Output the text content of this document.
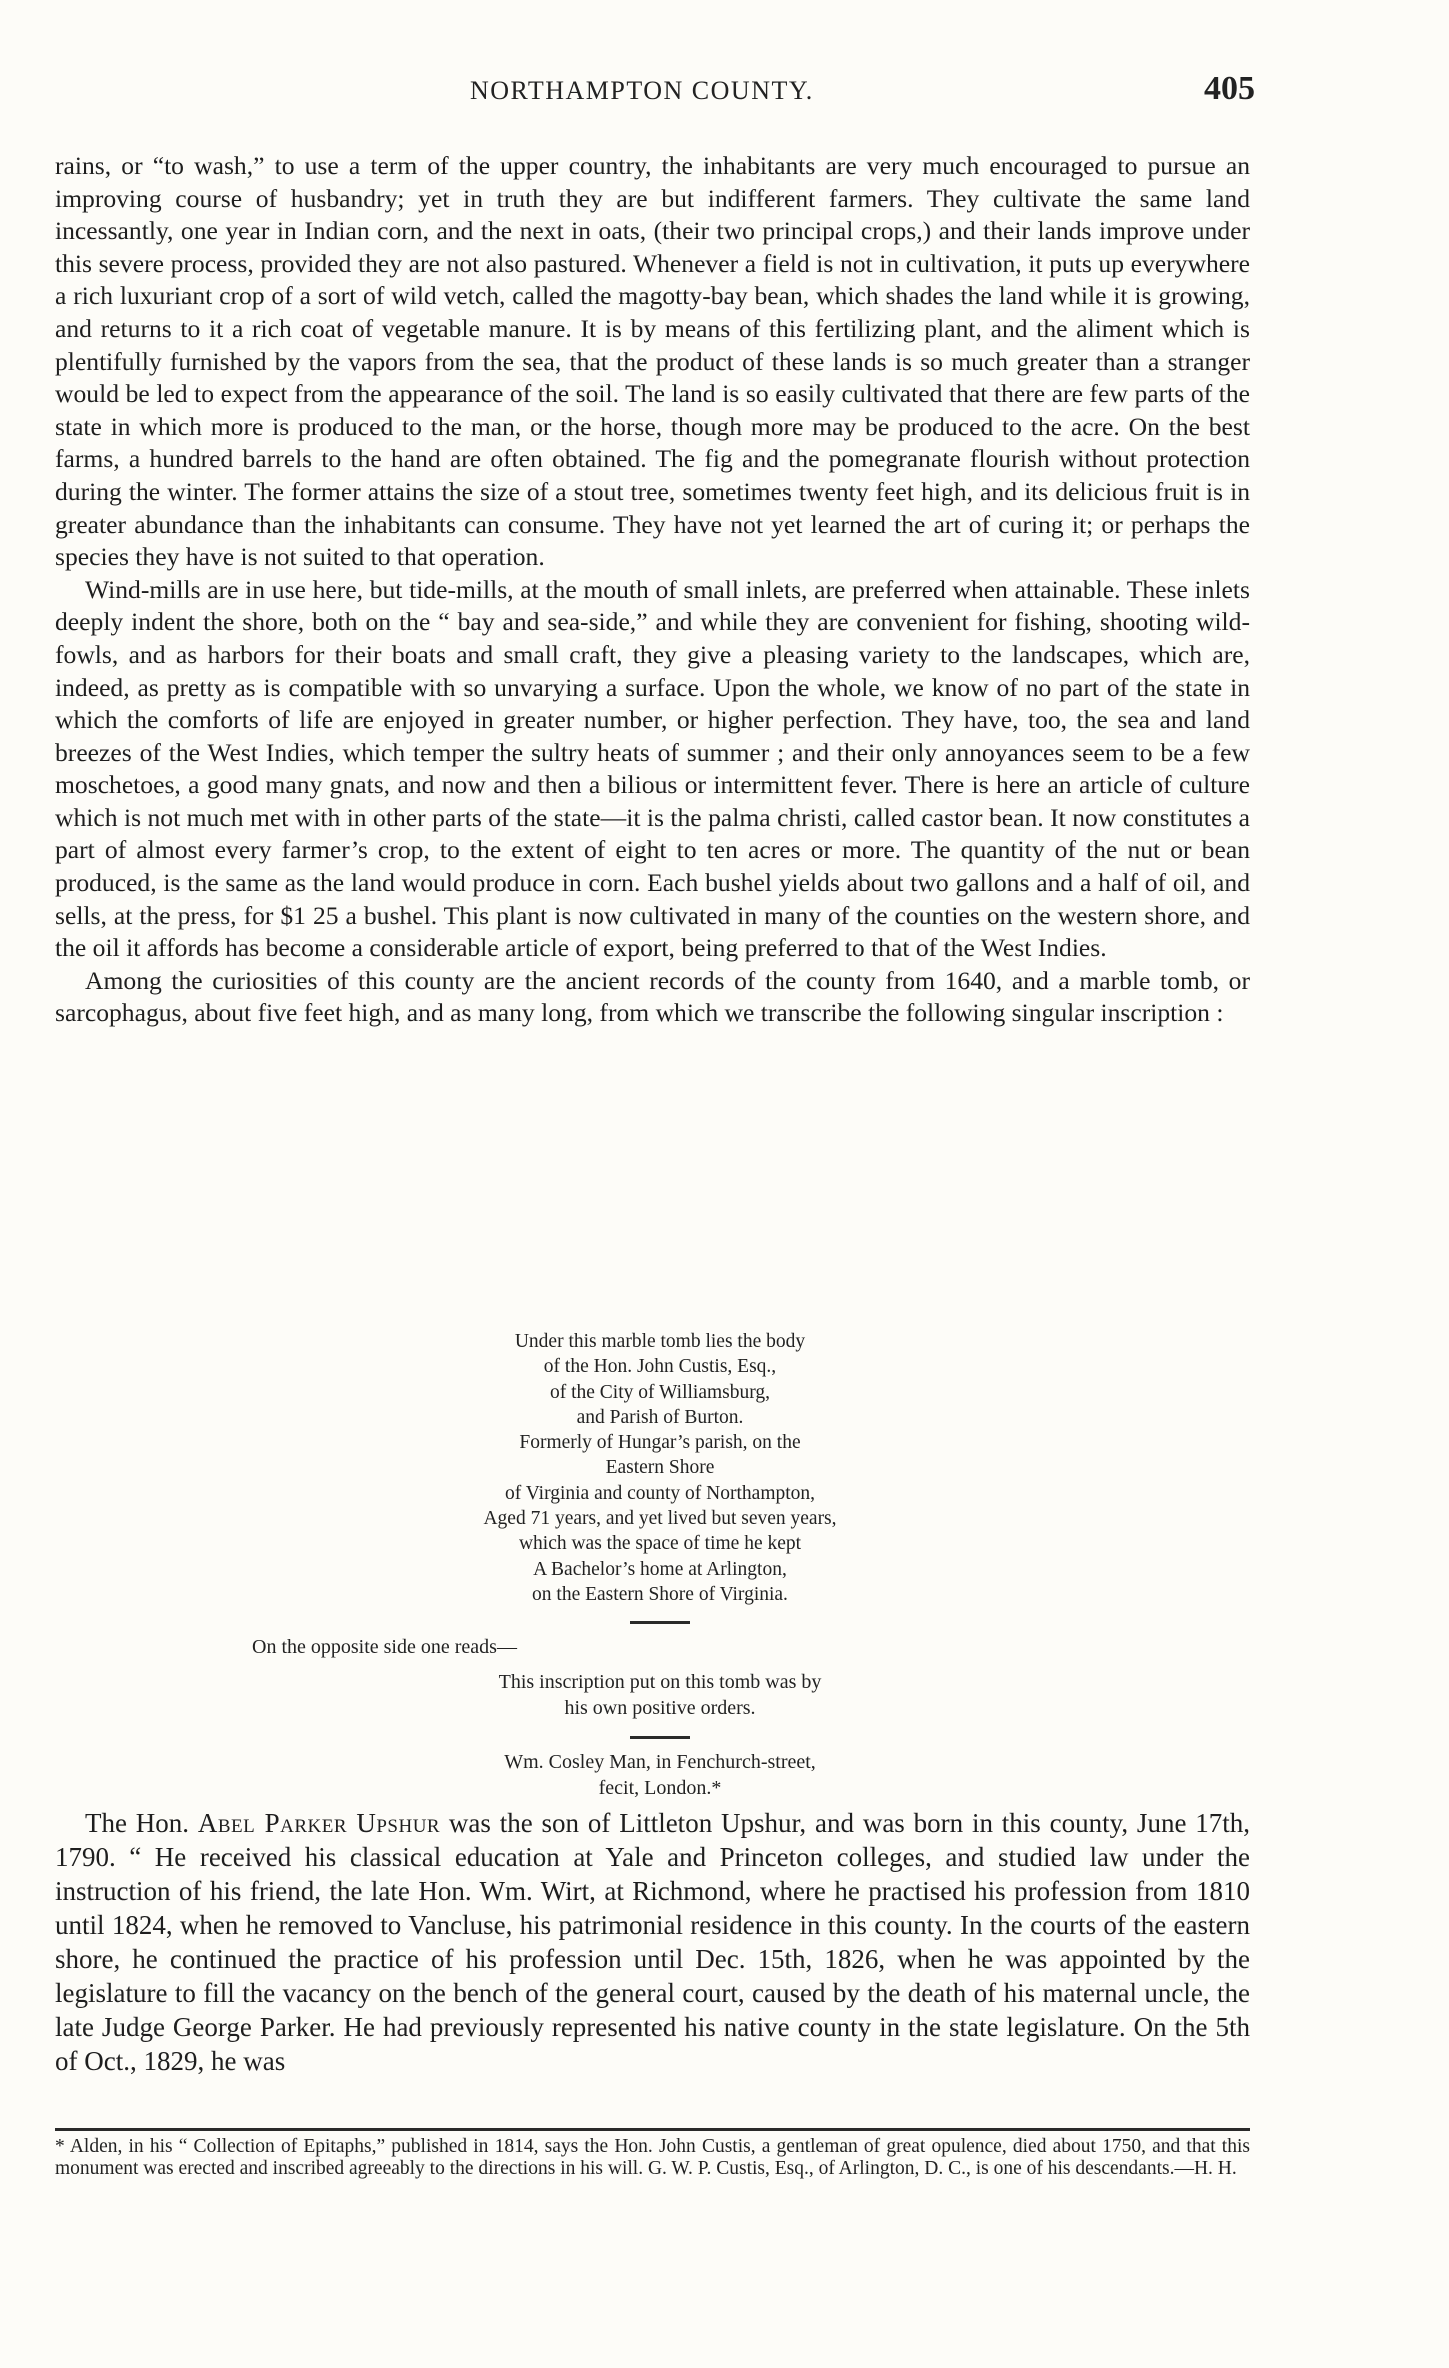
NORTHAMPTON COUNTY.	405

rains, or “to wash,” to use a term of the upper country, the inhabitants are very much encouraged to pursue an improving course of husbandry; yet in truth they are but indifferent farmers. They cultivate the same land incessantly, one year in Indian corn, and the next in oats, (their two principal crops,) and their lands improve under this severe process, provided they are not also pastured. Whenever a field is not in cultivation, it puts up everywhere a rich luxuriant crop of a sort of wild vetch, called the magotty-bay bean, which shades the land while it is growing, and returns to it a rich coat of vegetable manure. It is by means of this fertilizing plant, and the aliment which is plentifully furnished by the vapors from the sea, that the product of these lands is so much greater than a stranger would be led to expect from the appearance of the soil. The land is so easily cultivated that there are few parts of the state in which more is produced to the man, or the horse, though more may be produced to the acre. On the best farms, a hundred barrels to the hand are often obtained. The fig and the pomegranate flourish without protection during the winter. The former attains the size of a stout tree, sometimes twenty feet high, and its delicious fruit is in greater abundance than the inhabitants can consume. They have not yet learned the art of curing it; or perhaps the species they have is not suited to that operation.

Wind-mills are in use here, but tide-mills, at the mouth of small inlets, are preferred when attainable. These inlets deeply indent the shore, both on the “ bay and sea-side,” and while they are convenient for fishing, shooting wild-fowls, and as harbors for their boats and small craft, they give a pleasing variety to the landscapes, which are, indeed, as pretty as is compatible with so unvarying a surface. Upon the whole, we know of no part of the state in which the comforts of life are enjoyed in greater number, or higher perfection. They have, too, the sea and land breezes of the West Indies, which temper the sultry heats of summer ; and their only annoyances seem to be a few moschetoes, a good many gnats, and now and then a bilious or intermittent fever. There is here an article of culture which is not much met with in other parts of the state—it is the palma christi, called castor bean. It now constitutes a part of almost every farmer’s crop, to the extent of eight to ten acres or more. The quantity of the nut or bean produced, is the same as the land would produce in corn. Each bushel yields about two gallons and a half of oil, and sells, at the press, for $1 25 a bushel. This plant is now cultivated in many of the counties on the western shore, and the oil it affords has become a considerable article of export, being preferred to that of the West Indies.

Among the curiosities of this county are the ancient records of the county from 1640, and a marble tomb, or sarcophagus, about five feet high, and as many long, from which we transcribe the following singular inscription :

Under this marble tomb lies the body
of the Hon. John Custis, Esq.,
of the City of Williamsburg,
and Parish of Burton.
Formerly of Hungar’s parish, on the
Eastern Shore
of Virginia and county of Northampton,
Aged 71 years, and yet lived but seven years,
which was the space of time he kept
A Bachelor’s home at Arlington,
on the Eastern Shore of Virginia.
On the opposite side one reads—
This inscription put on this tomb was by
his own positive orders.
Wm. Cosley Man, in Fenchurch-street,
fecit, London.*
The Hon. Abel Parker Upshur was the son of Littleton Upshur, and was born in this county, June 17th, 1790. “ He received his classical education at Yale and Princeton colleges, and studied law under the instruction of his friend, the late Hon. Wm. Wirt, at Richmond, where he practised his profession from 1810 until 1824, when he removed to Vancluse, his patrimonial residence in this county. In the courts of the eastern shore, he continued the practice of his profession until Dec. 15th, 1826, when he was appointed by the legislature to fill the vacancy on the bench of the general court, caused by the death of his maternal uncle, the late Judge George Parker. He had previously represented his native county in the state legislature. On the 5th of Oct., 1829, he was
* Alden, in his “ Collection of Epitaphs,” published in 1814, says the Hon. John Custis, a gentleman of great opulence, died about 1750, and that this monument was erected and inscribed agreeably to the directions in his will. G. W. P. Custis, Esq., of Arlington, D. C., is one of his descendants.—H. H.
